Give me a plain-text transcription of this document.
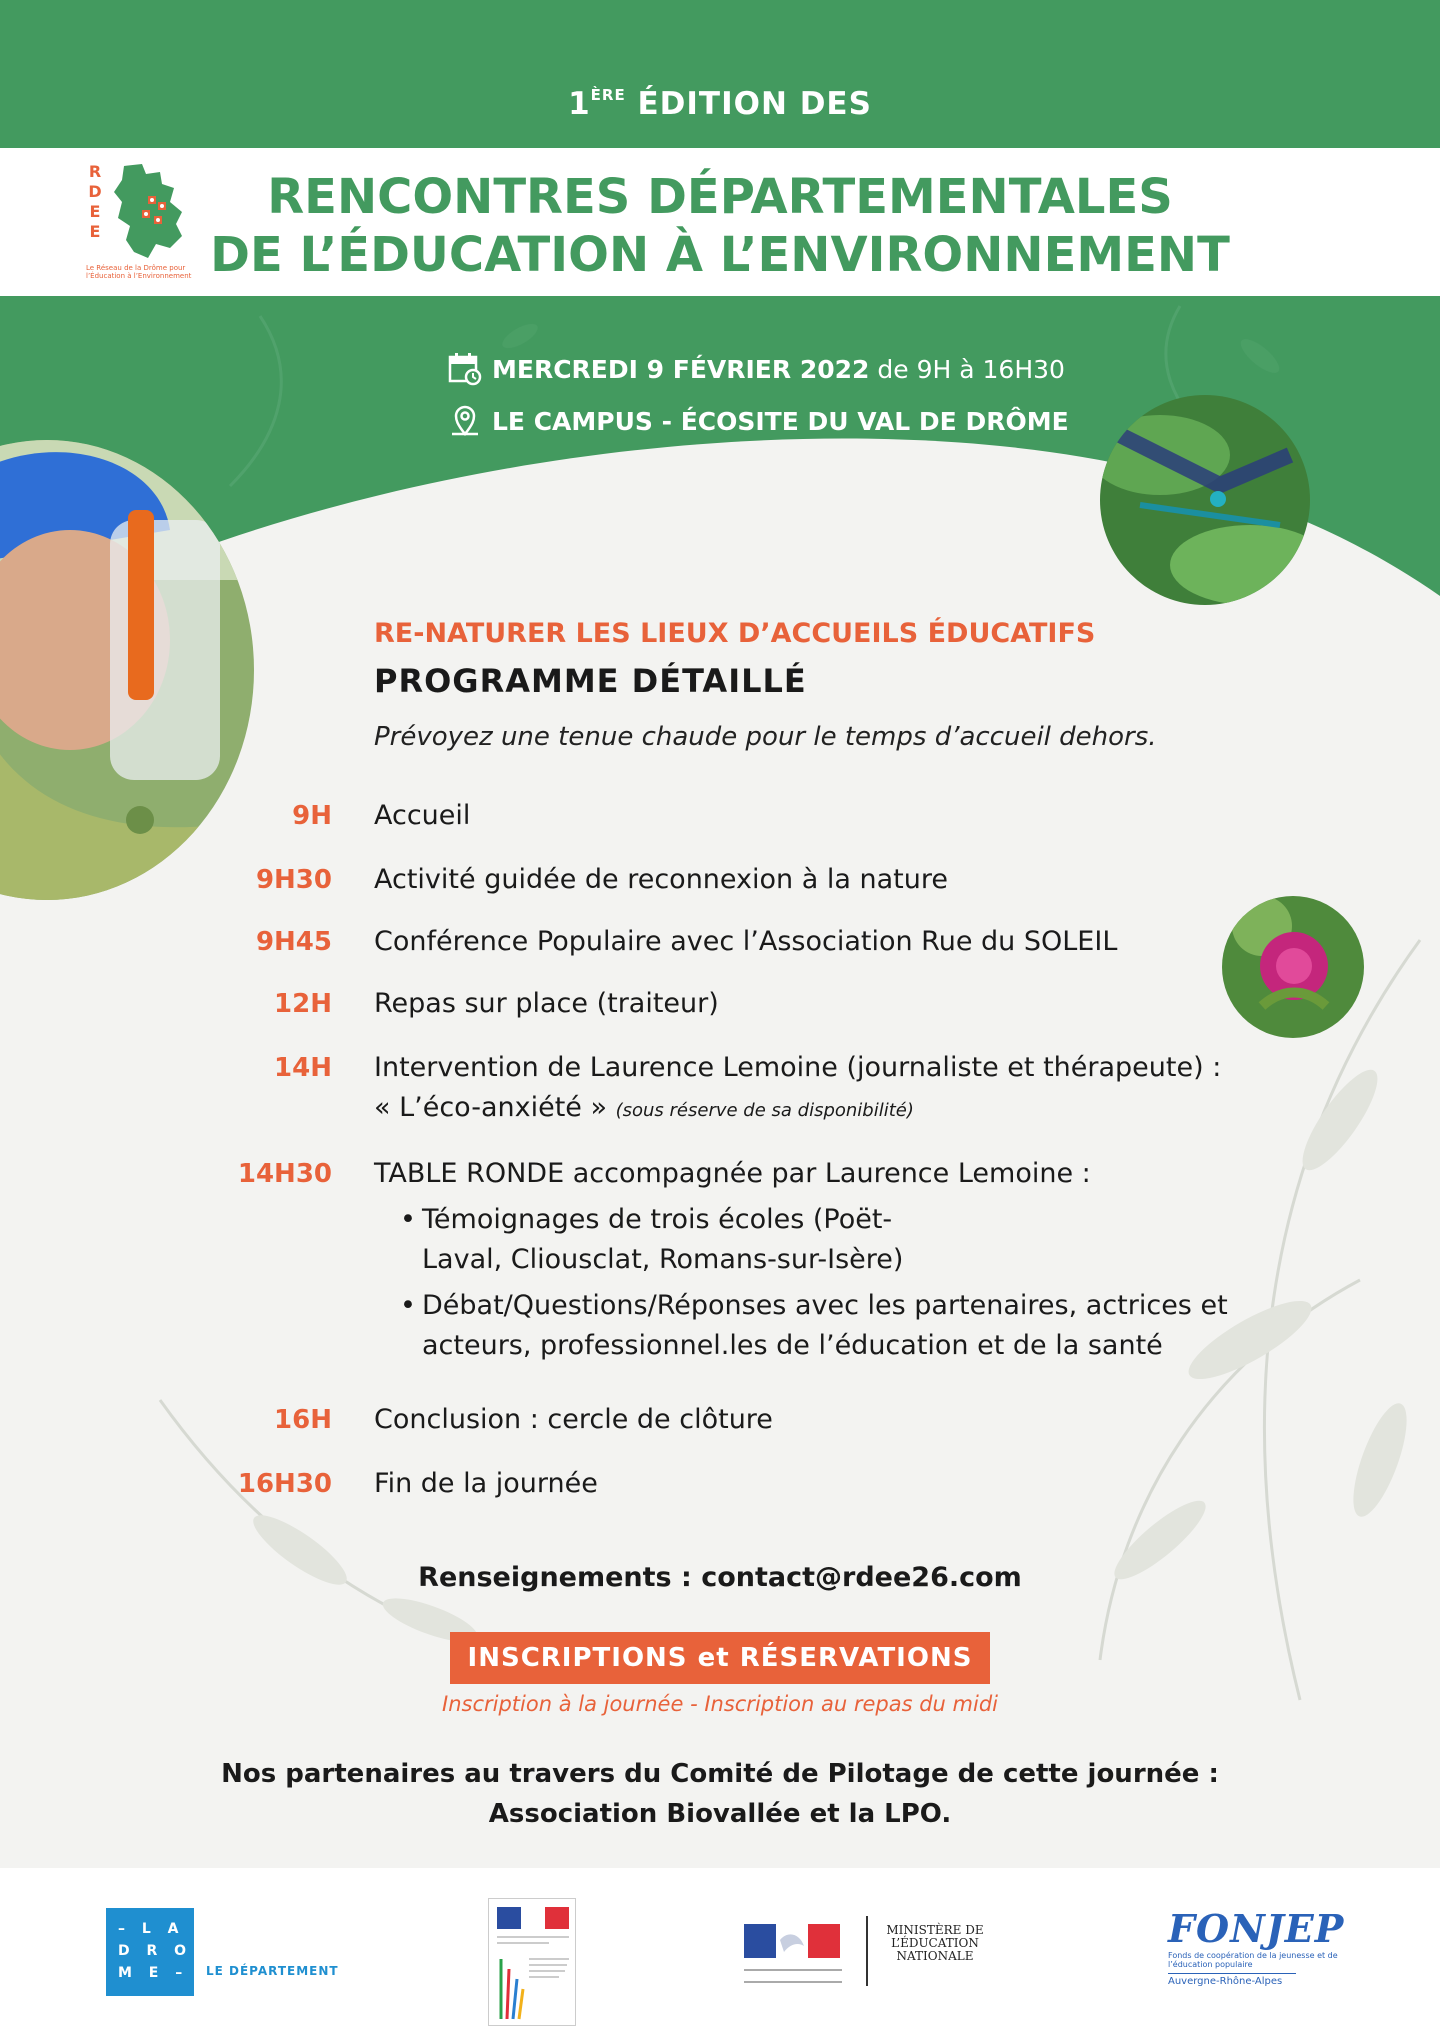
1ÈRE ÉDITION DES
RENCONTRES DÉPARTEMENTALES
DE L’ÉDUCATION À L’ENVIRONNEMENT
R
D
E
E
Le Réseau de la Drôme pour l’Éducation à l’Environnement
MERCREDI 9 FÉVRIER 2022 de 9H à 16H30
LE CAMPUS - ÉCOSITE DU VAL DE DRÔME
RE-NATURER LES LIEUX D’ACCUEILS ÉDUCATIFS
PROGRAMME DÉTAILLÉ
Prévoyez une tenue chaude pour le temps d’accueil dehors.
9H Accueil
9H30 Activité guidée de reconnexion à la nature
9H45 Conférence Populaire avec l’Association Rue du SOLEIL
12H Repas sur place (traiteur)
14H Intervention de Laurence Lemoine (journaliste et thérapeute) :
« L’éco-anxiété » (sous réserve de sa disponibilité)
14H30 TABLE RONDE accompagnée par Laurence Lemoine :
• Témoignages de trois écoles (Poët-Laval, Cliousclat, Romans-sur-Isère)
• Débat/Questions/Réponses avec les partenaires, actrices et acteurs, professionnel.les de l’éducation et de la santé
16H Conclusion : cercle de clôture
16H30 Fin de la journée
Renseignements : contact@rdee26.com
INSCRIPTIONS et RÉSERVATIONS
Inscription à la journée - Inscription au repas du midi
Nos partenaires au travers du Comité de Pilotage de cette journée :
Association Biovallée et la LPO.
– L A
D R O
M E –	LE DÉPARTEMENT
MINISTÈRE DE L’ÉDUCATION NATIONALE
FONJEP
Fonds de coopération de la jeunesse et de l’éducation populaire
Auvergne-Rhône-Alpes
